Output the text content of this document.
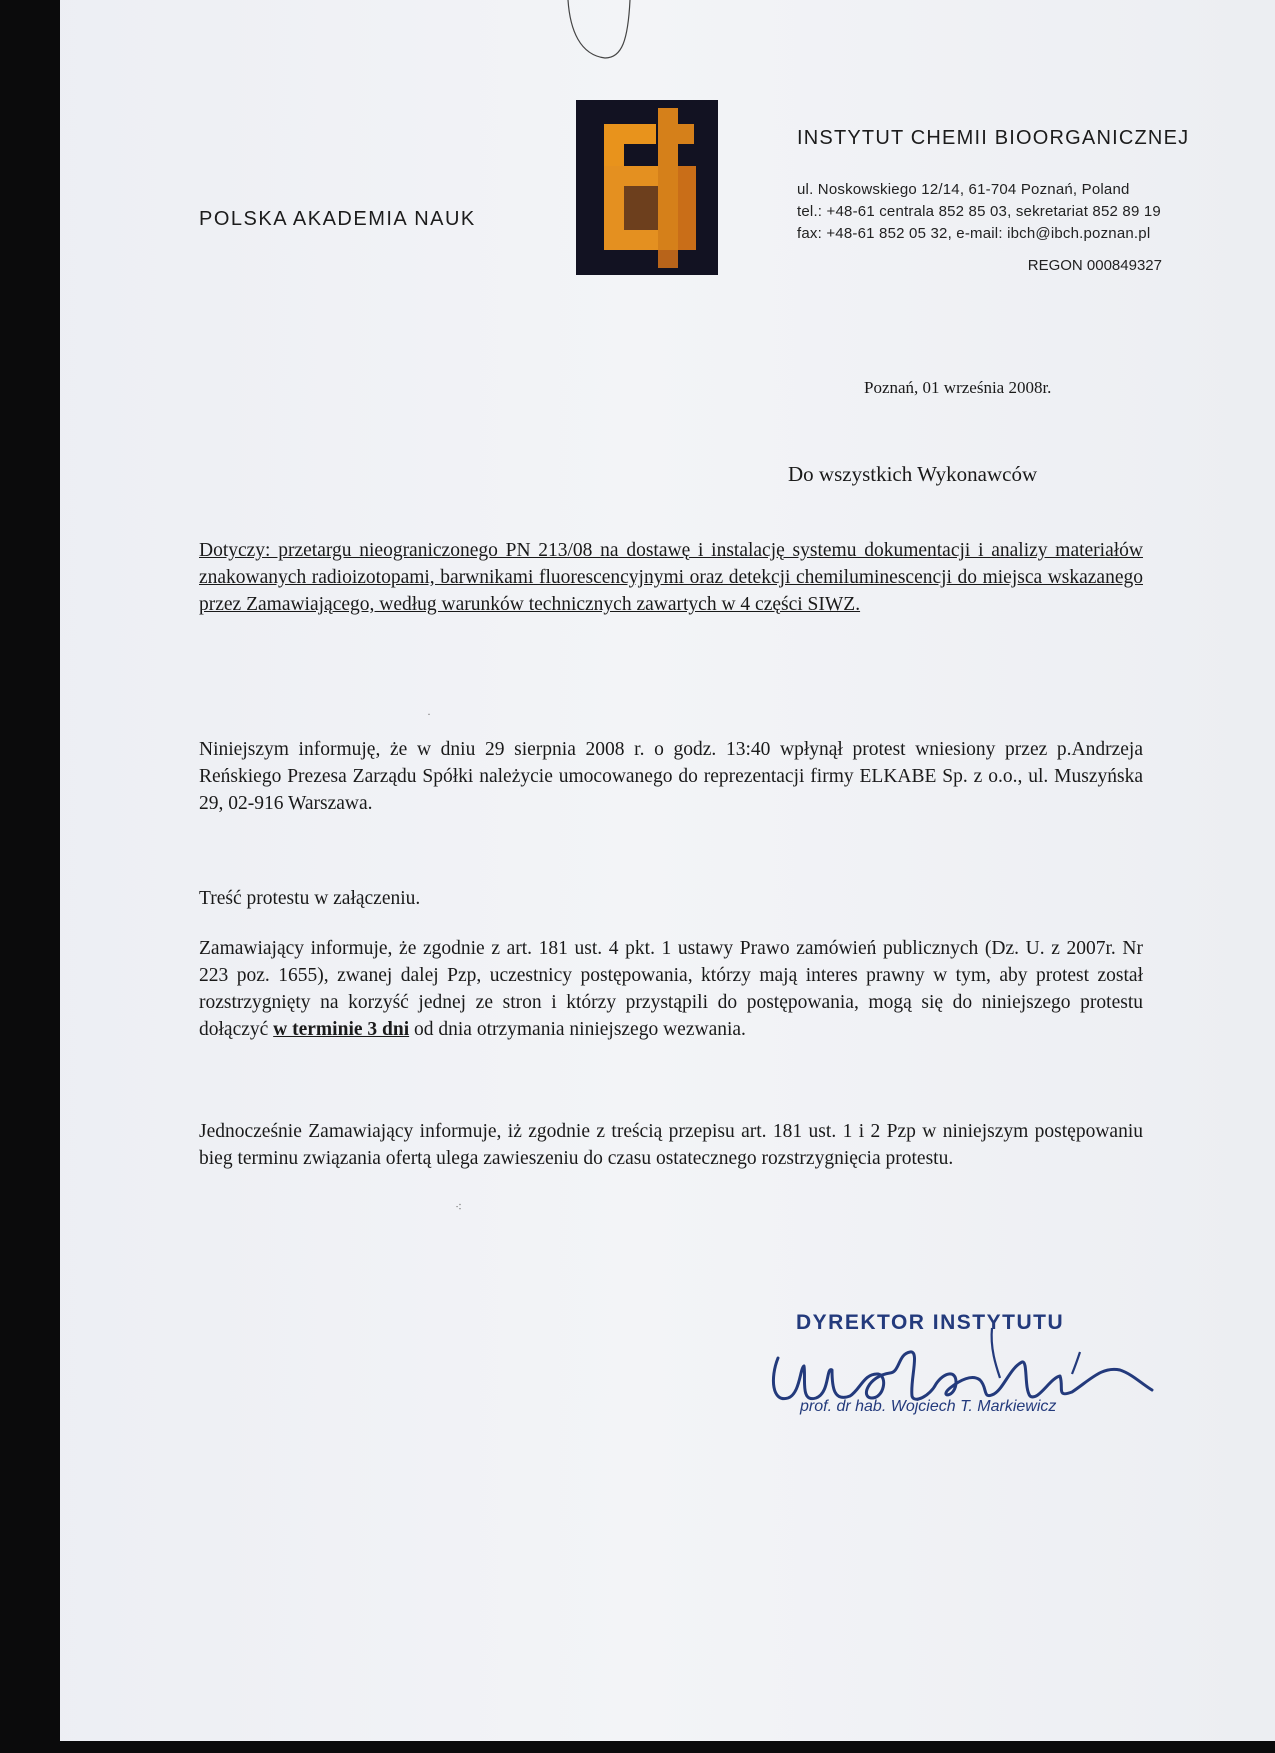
POLSKA AKADEMIA NAUK
INSTYTUT CHEMII BIOORGANICZNEJ
ul. Noskowskiego 12/14, 61-704 Poznań, Poland
tel.: +48-61 centrala 852 85 03, sekretariat 852 89 19
fax: +48-61 852 05 32, e-mail: ibch@ibch.poznan.pl
REGON 000849327
Poznań, 01 września 2008r.
Do wszystkich Wykonawców

Dotyczy: przetargu nieograniczonego PN 213/08 na dostawę i instalację systemu dokumentacji i analizy materiałów znakowanych radioizotopami, barwnikami fluorescencyjnymi oraz detekcji chemiluminescencji do miejsca wskazanego przez Zamawiającego, według warunków technicznych zawartych w 4 części SIWZ.

·

Niniejszym informuję, że w dniu 29 sierpnia 2008 r. o godz. 13:40 wpłynął protest wniesiony przez p.Andrzeja Reńskiego Prezesa Zarządu Spółki należycie umocowanego do reprezentacji firmy ELKABE Sp. z o.o., ul. Muszyńska 29, 02-916 Warszawa.

Treść protestu w załączeniu.

Zamawiający informuje, że zgodnie z art. 181 ust. 4 pkt. 1 ustawy Prawo zamówień publicznych (Dz. U. z 2007r. Nr 223 poz. 1655), zwanej dalej Pzp, uczestnicy postępowania, którzy mają interes prawny w tym, aby protest został rozstrzygnięty na korzyść jednej ze stron i którzy przystąpili do postępowania, mogą się do niniejszego protestu dołączyć w terminie 3 dni od dnia otrzymania niniejszego wezwania.

Jednocześnie Zamawiający informuje, iż zgodnie z treścią przepisu art. 181 ust. 1 i 2 Pzp w niniejszym postępowaniu bieg terminu związania ofertą ulega zawieszeniu do czasu ostatecznego rozstrzygnięcia protestu.

⁖
DYREKTOR INSTYTUTU
prof. dr hab. Wojciech T. Markiewicz
